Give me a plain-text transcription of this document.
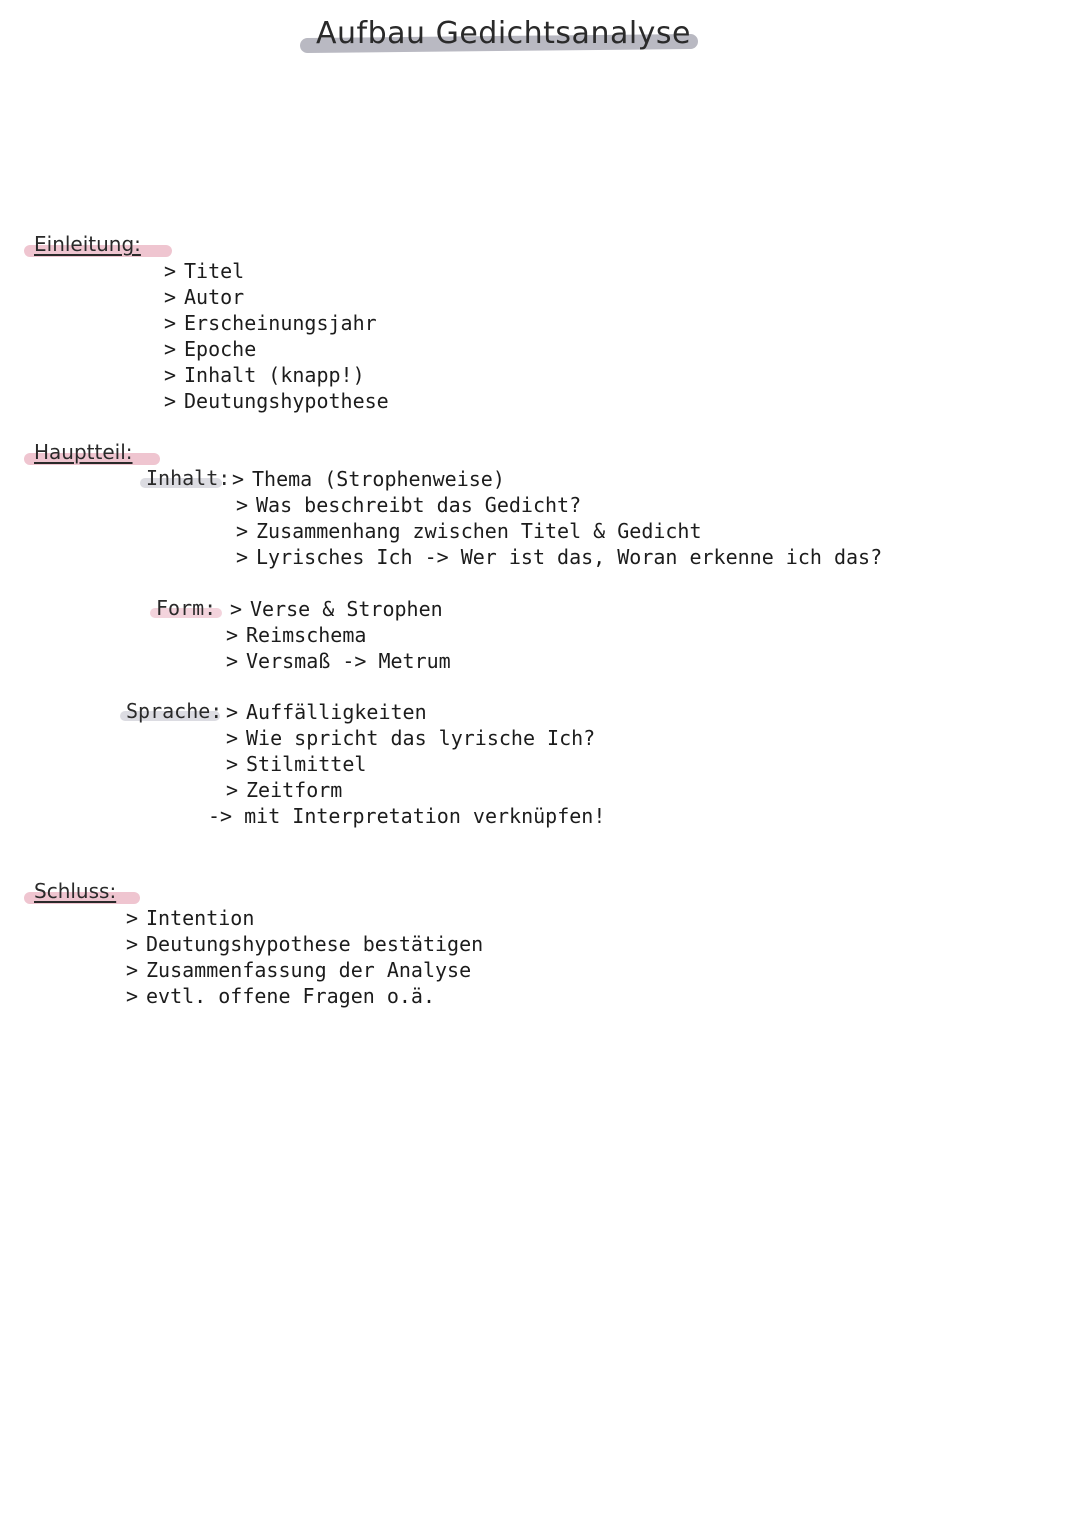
Aufbau Gedichtsanalyse
Einleitung:
> Titel
> Autor
> Erscheinungsjahr
> Epoche
> Inhalt (knapp!)
> Deutungshypothese
Hauptteil:
Inhalt: > Thema (Strophenweise)
> Was beschreibt das Gedicht?
> Zusammenhang zwischen Titel & Gedicht
> Lyrisches Ich -> Wer ist das, Woran erkenne ich das?
Form: > Verse & Strophen
> Reimschema
> Versmaß -> Metrum
Sprache: > Auffälligkeiten
> Wie spricht das lyrische Ich?
> Stilmittel
> Zeitform
-> mit Interpretation verknüpfen!
Schluss:
> Intention
> Deutungshypothese bestätigen
> Zusammenfassung der Analyse
> evtl. offene Fragen o.ä.
